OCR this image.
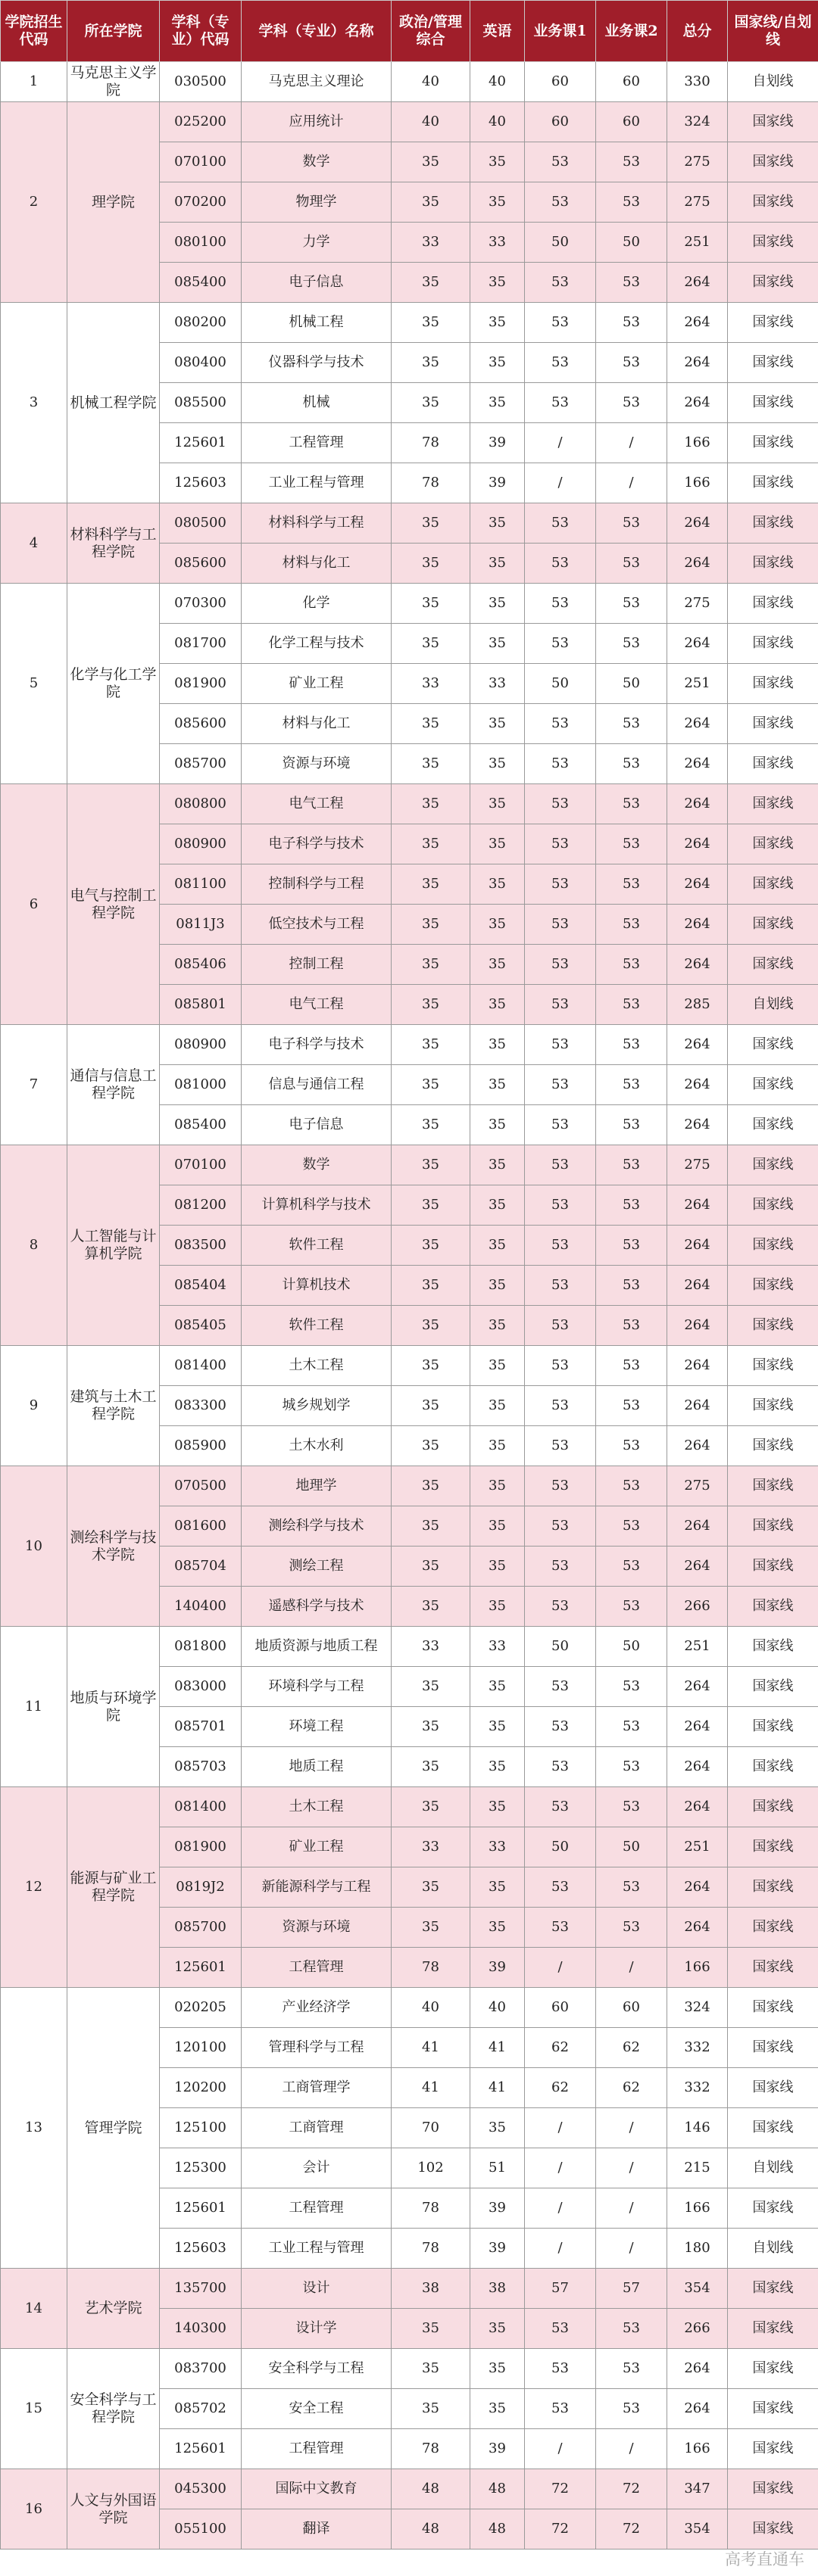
学院招生代码	所在学院	学科（专业）代码	学科（专业）名称	政治/管理综合	英语	业务课1	业务课2	总分	国家线/自划线
1	马克思主义学院	030500	马克思主义理论	40	40	60	60	330	自划线
2	理学院	025200	应用统计	40	40	60	60	324	国家线
		070100	数学	35	35	53	53	275	国家线
		070200	物理学	35	35	53	53	275	国家线
		080100	力学	33	33	50	50	251	国家线
		085400	电子信息	35	35	53	53	264	国家线
3	机械工程学院	080200	机械工程	35	35	53	53	264	国家线
		080400	仪器科学与技术	35	35	53	53	264	国家线
		085500	机械	35	35	53	53	264	国家线
		125601	工程管理	78	39	/	/	166	国家线
		125603	工业工程与管理	78	39	/	/	166	国家线
4	材料科学与工程学院	080500	材料科学与工程	35	35	53	53	264	国家线
		085600	材料与化工	35	35	53	53	264	国家线
5	化学与化工学院	070300	化学	35	35	53	53	275	国家线
		081700	化学工程与技术	35	35	53	53	264	国家线
		081900	矿业工程	33	33	50	50	251	国家线
		085600	材料与化工	35	35	53	53	264	国家线
		085700	资源与环境	35	35	53	53	264	国家线
6	电气与控制工程学院	080800	电气工程	35	35	53	53	264	国家线
		080900	电子科学与技术	35	35	53	53	264	国家线
		081100	控制科学与工程	35	35	53	53	264	国家线
		0811J3	低空技术与工程	35	35	53	53	264	国家线
		085406	控制工程	35	35	53	53	264	国家线
		085801	电气工程	35	35	53	53	285	自划线
7	通信与信息工程学院	080900	电子科学与技术	35	35	53	53	264	国家线
		081000	信息与通信工程	35	35	53	53	264	国家线
		085400	电子信息	35	35	53	53	264	国家线
8	人工智能与计算机学院	070100	数学	35	35	53	53	275	国家线
		081200	计算机科学与技术	35	35	53	53	264	国家线
		083500	软件工程	35	35	53	53	264	国家线
		085404	计算机技术	35	35	53	53	264	国家线
		085405	软件工程	35	35	53	53	264	国家线
9	建筑与土木工程学院	081400	土木工程	35	35	53	53	264	国家线
		083300	城乡规划学	35	35	53	53	264	国家线
		085900	土木水利	35	35	53	53	264	国家线
10	测绘科学与技术学院	070500	地理学	35	35	53	53	275	国家线
		081600	测绘科学与技术	35	35	53	53	264	国家线
		085704	测绘工程	35	35	53	53	264	国家线
		140400	遥感科学与技术	35	35	53	53	266	国家线
11	地质与环境学院	081800	地质资源与地质工程	33	33	50	50	251	国家线
		083000	环境科学与工程	35	35	53	53	264	国家线
		085701	环境工程	35	35	53	53	264	国家线
		085703	地质工程	35	35	53	53	264	国家线
12	能源与矿业工程学院	081400	土木工程	35	35	53	53	264	国家线
		081900	矿业工程	33	33	50	50	251	国家线
		0819J2	新能源科学与工程	35	35	53	53	264	国家线
		085700	资源与环境	35	35	53	53	264	国家线
		125601	工程管理	78	39	/	/	166	国家线
13	管理学院	020205	产业经济学	40	40	60	60	324	国家线
		120100	管理科学与工程	41	41	62	62	332	国家线
		120200	工商管理学	41	41	62	62	332	国家线
		125100	工商管理	70	35	/	/	146	国家线
		125300	会计	102	51	/	/	215	自划线
		125601	工程管理	78	39	/	/	166	国家线
		125603	工业工程与管理	78	39	/	/	180	自划线
14	艺术学院	135700	设计	38	38	57	57	354	国家线
		140300	设计学	35	35	53	53	266	国家线
15	安全科学与工程学院	083700	安全科学与工程	35	35	53	53	264	国家线
		085702	安全工程	35	35	53	53	264	国家线
		125601	工程管理	78	39	/	/	166	国家线
16	人文与外国语学院	045300	国际中文教育	48	48	72	72	347	国家线
		055100	翻译	48	48	72	72	354	国家线
高考直通车
